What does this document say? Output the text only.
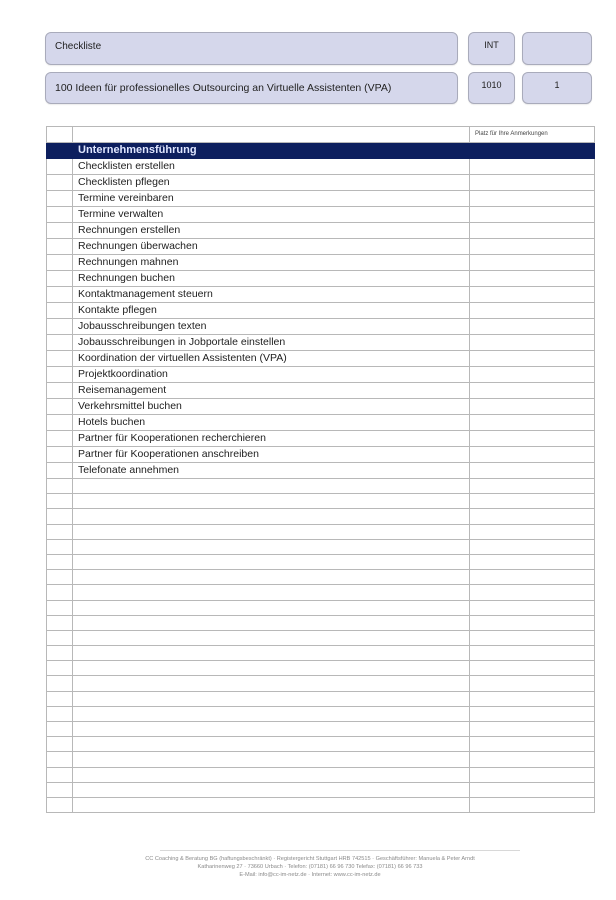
Checkliste	INT
100 Ideen für professionelles Outsourcing an Virtuelle Assistenten (VPA)	1010	1
		Platz für Ihre Anmerkungen
	Unternehmensführung	
	Checklisten erstellen	
	Checklisten pflegen	
	Termine vereinbaren	
	Termine verwalten	
	Rechnungen erstellen	
	Rechnungen überwachen	
	Rechnungen mahnen	
	Rechnungen buchen	
	Kontaktmanagement steuern	
	Kontakte pflegen	
	Jobausschreibungen texten	
	Jobausschreibungen in Jobportale einstellen	
	Koordination der virtuellen Assistenten (VPA)	
	Projektkoordination	
	Reisemanagement	
	Verkehrsmittel buchen	
	Hotels buchen	
	Partner für Kooperationen recherchieren	
	Partner für Kooperationen anschreiben	
	Telefonate annehmen	

CC Coaching & Beratung BG (haftungsbeschränkt) · Registergericht Stuttgart HRB 742515 · Geschäftsführer: Manuela & Peter Arndt
Katharinenweg 27 · 73660 Urbach · Telefon: (07181) 66 96 730 Telefax: (07181) 66 96 733
E-Mail: info@cc-im-netz.de · Internet: www.cc-im-netz.de
